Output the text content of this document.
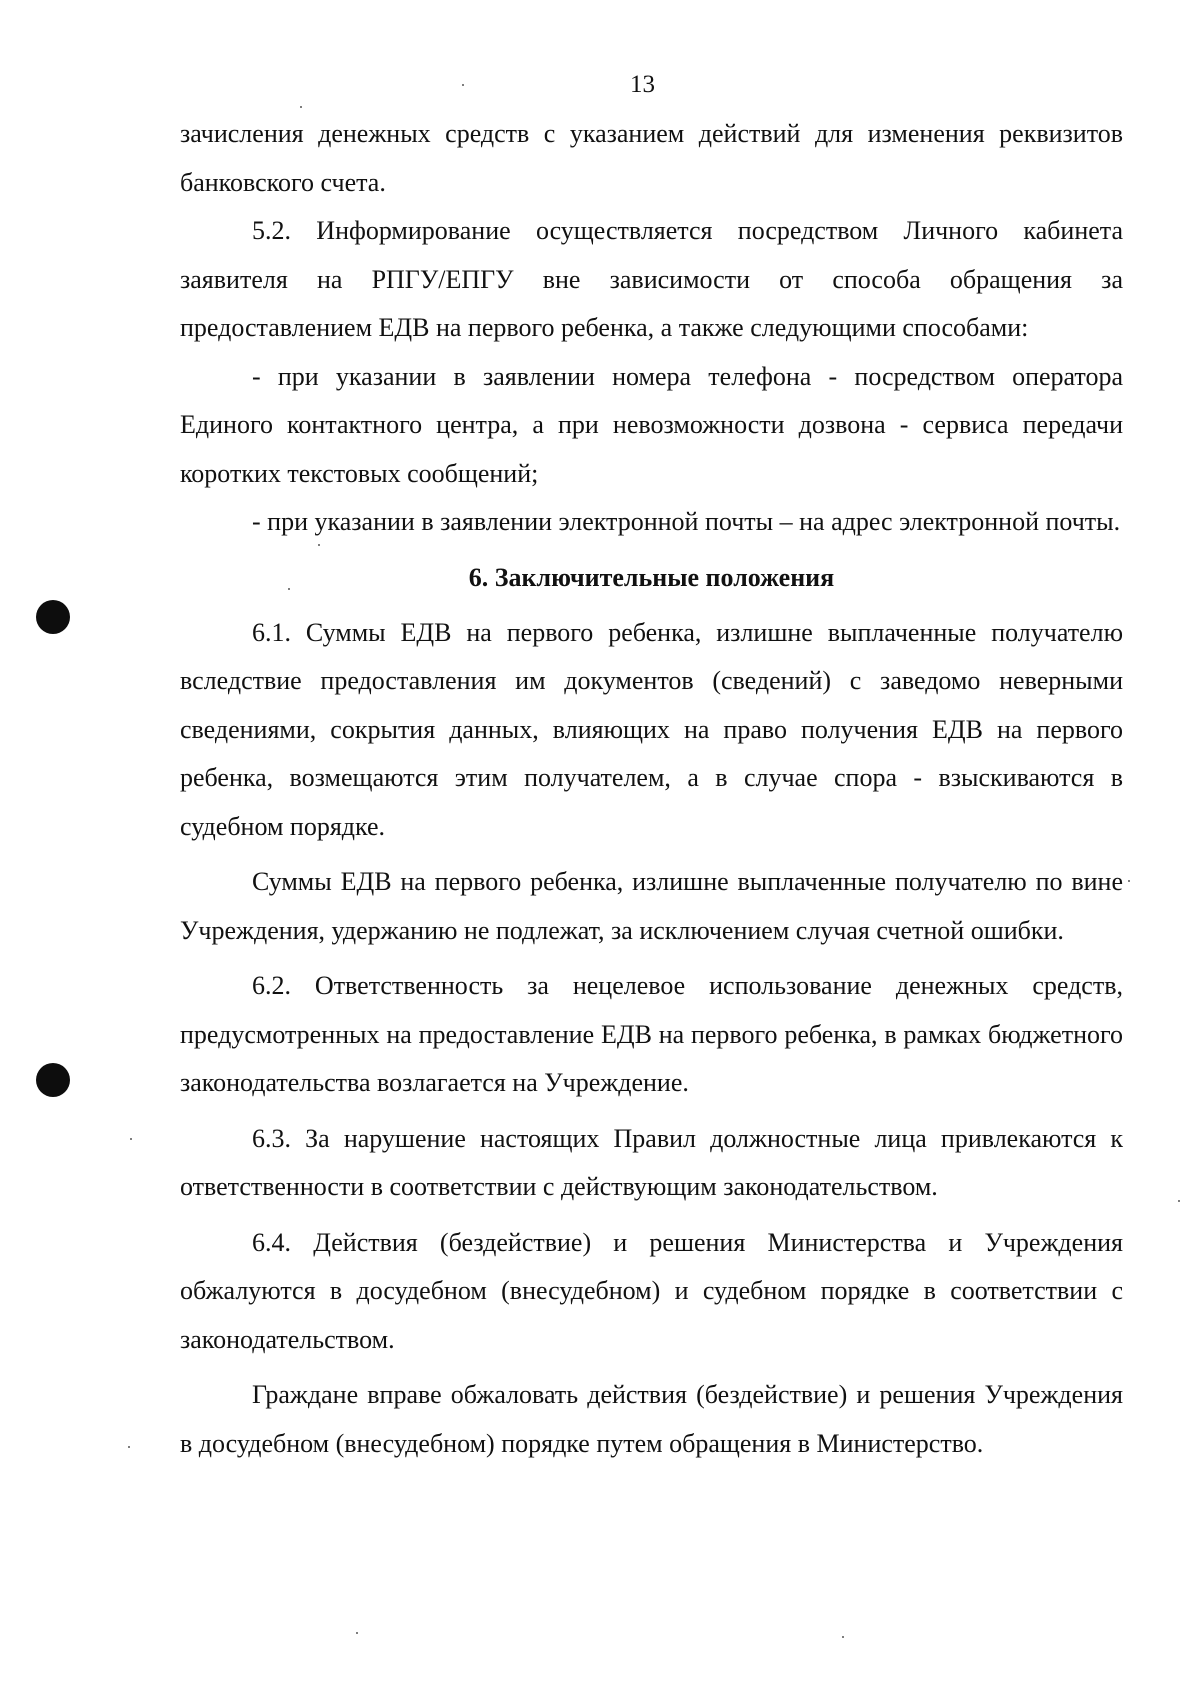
13

зачисления денежных средств с указанием действий для изменения реквизитов банковского счета.

5.2. Информирование осуществляется посредством Личного кабинета заявителя на РПГУ/ЕПГУ вне зависимости от способа обращения за предоставлением ЕДВ на первого ребенка, а также следующими способами:

- при указании в заявлении номера телефона - посредством оператора Единого контактного центра, а при невозможности дозвона - сервиса передачи коротких текстовых сообщений;

- при указании в заявлении электронной почты – на адрес электронной почты.

6. Заключительные положения

6.1. Суммы ЕДВ на первого ребенка, излишне выплаченные получателю вследствие предоставления им документов (сведений) с заведомо неверными сведениями, сокрытия данных, влияющих на право получения ЕДВ на первого ребенка, возмещаются этим получателем, а в случае спора - взыскиваются в судебном порядке.

Суммы ЕДВ на первого ребенка, излишне выплаченные получателю по вине Учреждения, удержанию не подлежат, за исключением случая счетной ошибки.

6.2. Ответственность за нецелевое использование денежных средств, предусмотренных на предоставление ЕДВ на первого ребенка, в рамках бюджетного законодательства возлагается на Учреждение.

6.3. За нарушение настоящих Правил должностные лица привлекаются к ответственности в соответствии с действующим законодательством.

6.4. Действия (бездействие) и решения Министерства и Учреждения обжалуются в досудебном (внесудебном) и судебном порядке в соответствии с законодательством.

Граждане вправе обжаловать действия (бездействие) и решения Учреждения в досудебном (внесудебном) порядке путем обращения в Министерство.
